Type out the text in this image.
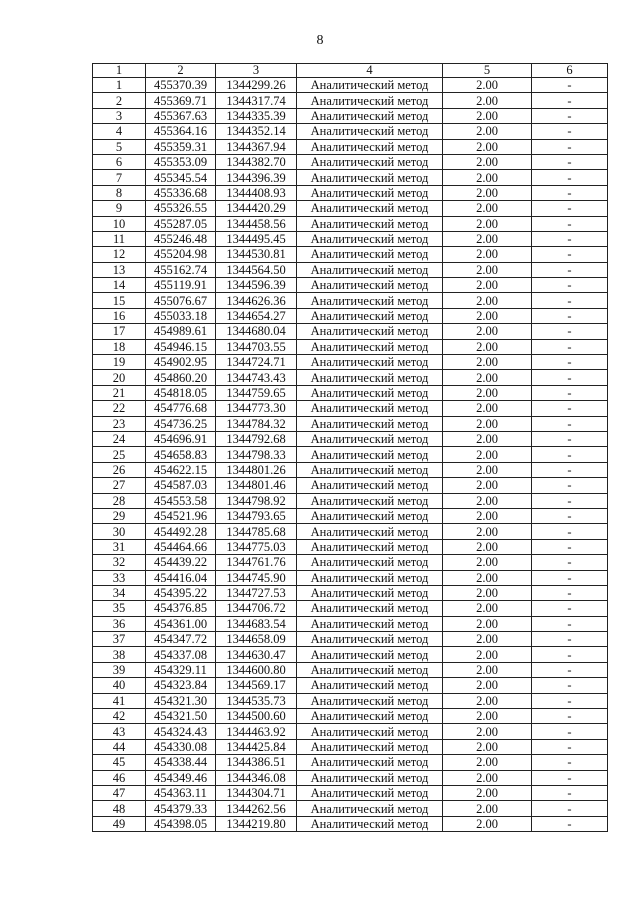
8
1	2	3	4	5	6
1	455370.39	1344299.26	Аналитический метод	2.00	-
2	455369.71	1344317.74	Аналитический метод	2.00	-
3	455367.63	1344335.39	Аналитический метод	2.00	-
4	455364.16	1344352.14	Аналитический метод	2.00	-
5	455359.31	1344367.94	Аналитический метод	2.00	-
6	455353.09	1344382.70	Аналитический метод	2.00	-
7	455345.54	1344396.39	Аналитический метод	2.00	-
8	455336.68	1344408.93	Аналитический метод	2.00	-
9	455326.55	1344420.29	Аналитический метод	2.00	-
10	455287.05	1344458.56	Аналитический метод	2.00	-
11	455246.48	1344495.45	Аналитический метод	2.00	-
12	455204.98	1344530.81	Аналитический метод	2.00	-
13	455162.74	1344564.50	Аналитический метод	2.00	-
14	455119.91	1344596.39	Аналитический метод	2.00	-
15	455076.67	1344626.36	Аналитический метод	2.00	-
16	455033.18	1344654.27	Аналитический метод	2.00	-
17	454989.61	1344680.04	Аналитический метод	2.00	-
18	454946.15	1344703.55	Аналитический метод	2.00	-
19	454902.95	1344724.71	Аналитический метод	2.00	-
20	454860.20	1344743.43	Аналитический метод	2.00	-
21	454818.05	1344759.65	Аналитический метод	2.00	-
22	454776.68	1344773.30	Аналитический метод	2.00	-
23	454736.25	1344784.32	Аналитический метод	2.00	-
24	454696.91	1344792.68	Аналитический метод	2.00	-
25	454658.83	1344798.33	Аналитический метод	2.00	-
26	454622.15	1344801.26	Аналитический метод	2.00	-
27	454587.03	1344801.46	Аналитический метод	2.00	-
28	454553.58	1344798.92	Аналитический метод	2.00	-
29	454521.96	1344793.65	Аналитический метод	2.00	-
30	454492.28	1344785.68	Аналитический метод	2.00	-
31	454464.66	1344775.03	Аналитический метод	2.00	-
32	454439.22	1344761.76	Аналитический метод	2.00	-
33	454416.04	1344745.90	Аналитический метод	2.00	-
34	454395.22	1344727.53	Аналитический метод	2.00	-
35	454376.85	1344706.72	Аналитический метод	2.00	-
36	454361.00	1344683.54	Аналитический метод	2.00	-
37	454347.72	1344658.09	Аналитический метод	2.00	-
38	454337.08	1344630.47	Аналитический метод	2.00	-
39	454329.11	1344600.80	Аналитический метод	2.00	-
40	454323.84	1344569.17	Аналитический метод	2.00	-
41	454321.30	1344535.73	Аналитический метод	2.00	-
42	454321.50	1344500.60	Аналитический метод	2.00	-
43	454324.43	1344463.92	Аналитический метод	2.00	-
44	454330.08	1344425.84	Аналитический метод	2.00	-
45	454338.44	1344386.51	Аналитический метод	2.00	-
46	454349.46	1344346.08	Аналитический метод	2.00	-
47	454363.11	1344304.71	Аналитический метод	2.00	-
48	454379.33	1344262.56	Аналитический метод	2.00	-
49	454398.05	1344219.80	Аналитический метод	2.00	-
